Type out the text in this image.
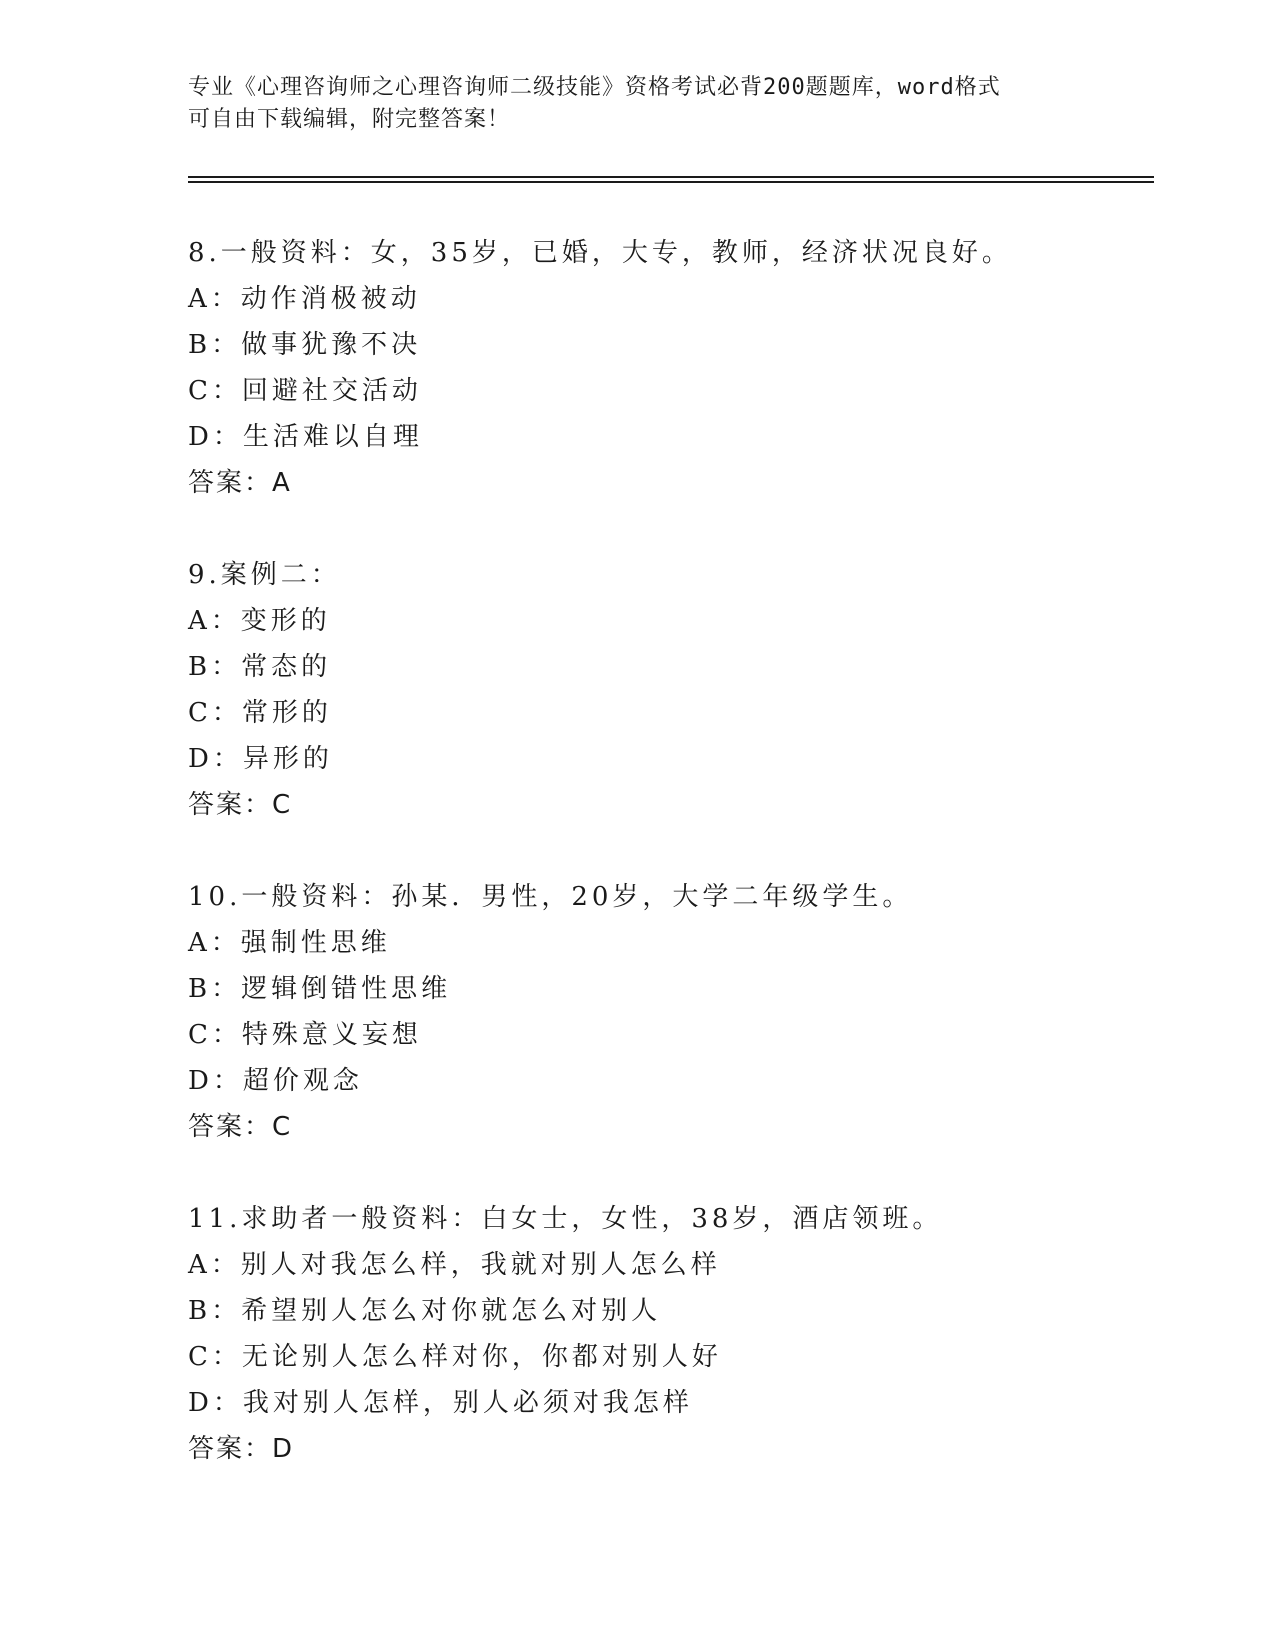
专业《心理咨询师之心理咨询师二级技能》资格考试必背200题题库，word格式
可自由下载编辑，附完整答案！
8.一般资料：女，35岁，已婚，大专，教师，经济状况良好。
A：动作消极被动
B：做事犹豫不决
C：回避社交活动
D：生活难以自理
答案：A
9.案例二：
A：变形的
B：常态的
C：常形的
D：异形的
答案：C
10.一般资料：孙某．男性，20岁，大学二年级学生。
A：强制性思维
B：逻辑倒错性思维
C：特殊意义妄想
D：超价观念
答案：C
11.求助者一般资料：白女士，女性，38岁，酒店领班。
A：别人对我怎么样，我就对别人怎么样
B：希望别人怎么对你就怎么对别人
C：无论别人怎么样对你，你都对别人好
D：我对别人怎样，别人必须对我怎样
答案：D
